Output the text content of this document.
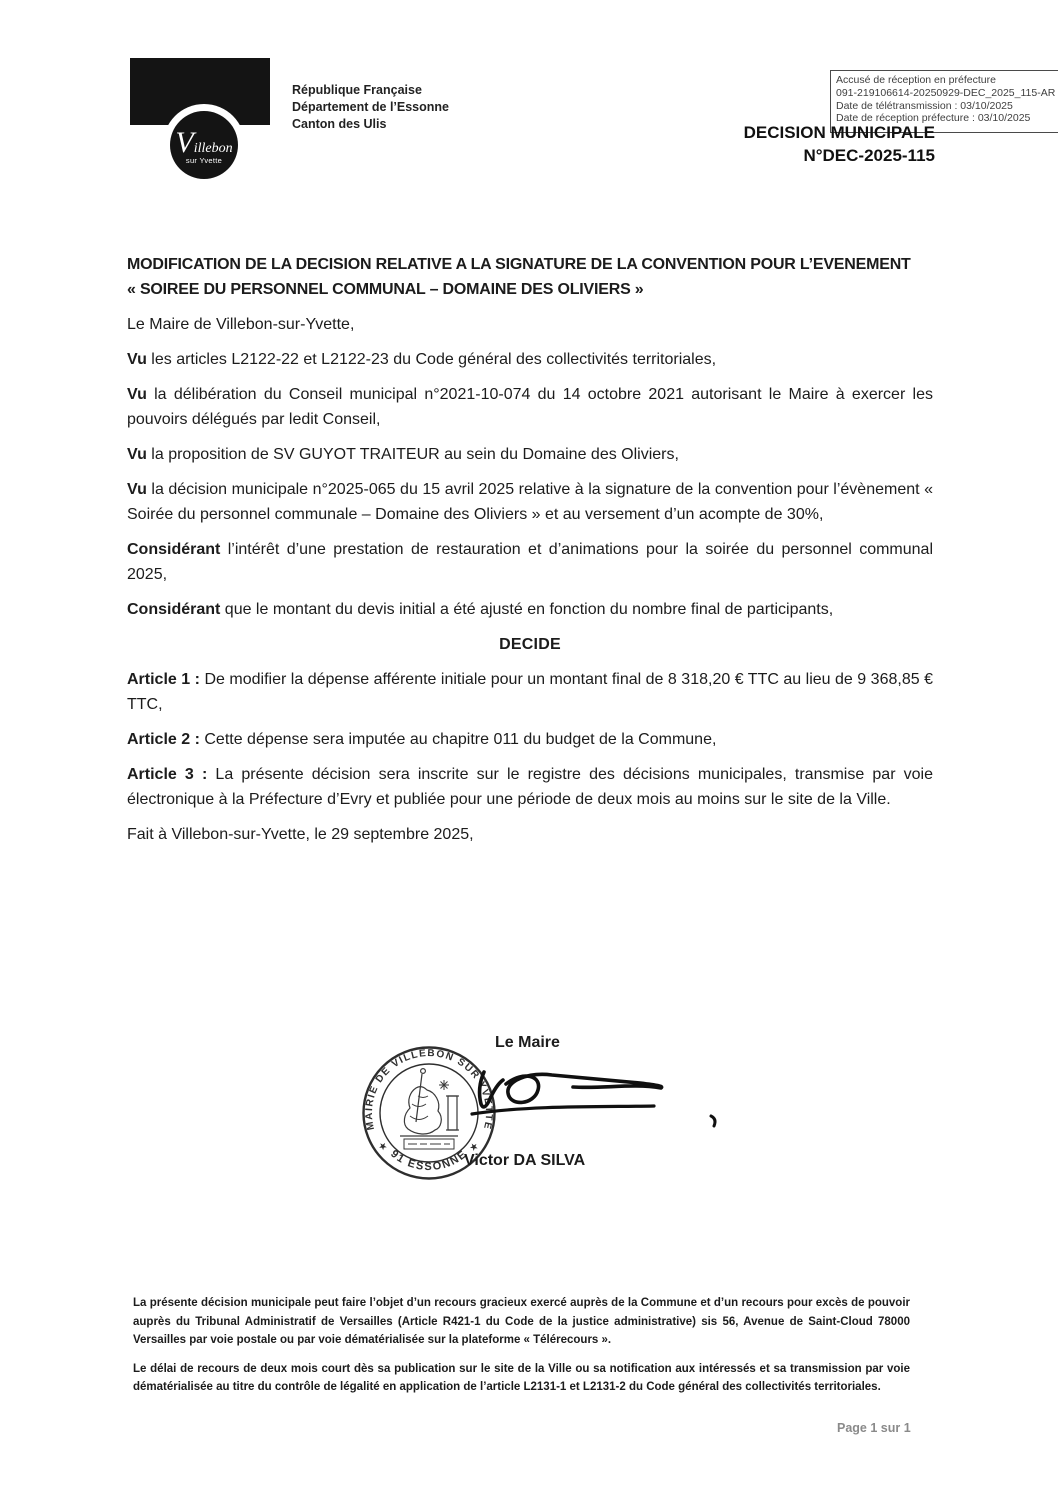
Villebon
sur Yvette
République Française
Département de l’Essonne
Canton des Ulis
Accusé de réception en préfecture
091-219106614-20250929-DEC_2025_115-AR
Date de télétransmission : 03/10/2025
Date de réception préfecture : 03/10/2025
DECISION MUNICIPALE
N°DEC-2025-115

MODIFICATION DE LA DECISION RELATIVE A LA SIGNATURE DE LA CONVENTION POUR L’EVENEMENT
« SOIREE DU PERSONNEL COMMUNAL – DOMAINE DES OLIVIERS »

Le Maire de Villebon-sur-Yvette,

Vu les articles L2122-22 et L2122-23 du Code général des collectivités territoriales,

Vu la délibération du Conseil municipal n°2021-10-074 du 14 octobre 2021 autorisant le Maire à exercer les pouvoirs délégués par ledit Conseil,

Vu la proposition de SV GUYOT TRAITEUR au sein du Domaine des Oliviers,

Vu la décision municipale n°2025-065 du 15 avril 2025 relative à la signature de la convention pour l’évènement « Soirée du personnel communale – Domaine des Oliviers » et au versement d’un acompte de 30%,

Considérant l’intérêt d’une prestation de restauration et d’animations pour la soirée du personnel communal 2025,

Considérant que le montant du devis initial a été ajusté en fonction du nombre final de participants,

DECIDE

Article 1 : De modifier la dépense afférente initiale pour un montant final de 8 318,20 € TTC au lieu de 9 368,85 € TTC,

Article 2 : Cette dépense sera imputée au chapitre 011 du budget de la Commune,

Article 3 : La présente décision sera inscrite sur le registre des décisions municipales, transmise par voie électronique à la Préfecture d’Evry et publiée pour une période de deux mois au moins sur le site de la Ville.

Fait à Villebon-sur-Yvette, le 29 septembre 2025,

Le Maire
MAIRIE DE VILLEBON SUR YVETTE
91 ESSONNE
★	★
Victor DA SILVA

La présente décision municipale peut faire l’objet d’un recours gracieux exercé auprès de la Commune et d’un recours pour excès de pouvoir auprès du Tribunal Administratif de Versailles (Article R421-1 du Code de la justice administrative) sis 56, Avenue de Saint-Cloud 78000 Versailles par voie postale ou par voie dématérialisée sur la plateforme « Télérecours ».

Le délai de recours de deux mois court dès sa publication sur le site de la Ville ou sa notification aux intéressés et sa transmission par voie dématérialisée au titre du contrôle de légalité en application de l’article L2131-1 et L2131-2 du Code général des collectivités territoriales.

Page 1 sur 1
